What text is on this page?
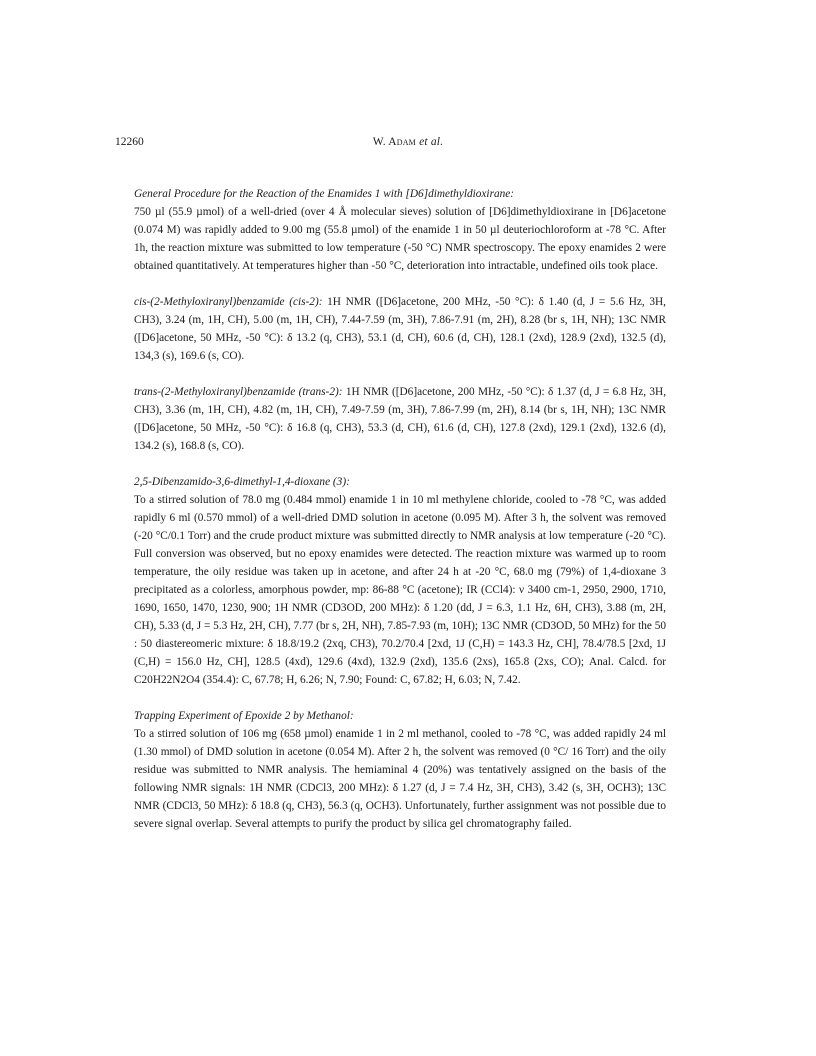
12260	W. Adam et al.

General Procedure for the Reaction of the Enamides 1 with [D6]dimethyldioxirane:

750 µl (55.9 µmol) of a well-dried (over 4 Å molecular sieves) solution of [D6]dimethyldioxirane in [D6]acetone (0.074 M) was rapidly added to 9.00 mg (55.8 µmol) of the enamide 1 in 50 µl deuteriochloroform at -78 °C. After 1h, the reaction mixture was submitted to low temperature (-50 °C) NMR spectroscopy. The epoxy enamides 2 were obtained quantitatively. At temperatures higher than -50 °C, deterioration into intractable, undefined oils took place.

cis-(2-Methyloxiranyl)benzamide (cis-2): 1H NMR ([D6]acetone, 200 MHz, -50 °C): δ 1.40 (d, J = 5.6 Hz, 3H, CH3), 3.24 (m, 1H, CH), 5.00 (m, 1H, CH), 7.44-7.59 (m, 3H), 7.86-7.91 (m, 2H), 8.28 (br s, 1H, NH); 13C NMR ([D6]acetone, 50 MHz, -50 °C): δ 13.2 (q, CH3), 53.1 (d, CH), 60.6 (d, CH), 128.1 (2xd), 128.9 (2xd), 132.5 (d), 134,3 (s), 169.6 (s, CO).

trans-(2-Methyloxiranyl)benzamide (trans-2): 1H NMR ([D6]acetone, 200 MHz, -50 °C): δ 1.37 (d, J = 6.8 Hz, 3H, CH3), 3.36 (m, 1H, CH), 4.82 (m, 1H, CH), 7.49-7.59 (m, 3H), 7.86-7.99 (m, 2H), 8.14 (br s, 1H, NH); 13C NMR ([D6]acetone, 50 MHz, -50 °C): δ 16.8 (q, CH3), 53.3 (d, CH), 61.6 (d, CH), 127.8 (2xd), 129.1 (2xd), 132.6 (d), 134.2 (s), 168.8 (s, CO).

2,5-Dibenzamido-3,6-dimethyl-1,4-dioxane (3):

To a stirred solution of 78.0 mg (0.484 mmol) enamide 1 in 10 ml methylene chloride, cooled to -78 °C, was added rapidly 6 ml (0.570 mmol) of a well-dried DMD solution in acetone (0.095 M). After 3 h, the solvent was removed (-20 °C/0.1 Torr) and the crude product mixture was submitted directly to NMR analysis at low temperature (-20 °C). Full conversion was observed, but no epoxy enamides were detected. The reaction mixture was warmed up to room temperature, the oily residue was taken up in acetone, and after 24 h at -20 °C, 68.0 mg (79%) of 1,4-dioxane 3 precipitated as a colorless, amorphous powder, mp: 86-88 °C (acetone); IR (CCl4): ν 3400 cm-1, 2950, 2900, 1710, 1690, 1650, 1470, 1230, 900; 1H NMR (CD3OD, 200 MHz): δ 1.20 (dd, J = 6.3, 1.1 Hz, 6H, CH3), 3.88 (m, 2H, CH), 5.33 (d, J = 5.3 Hz, 2H, CH), 7.77 (br s, 2H, NH), 7.85-7.93 (m, 10H); 13C NMR (CD3OD, 50 MHz) for the 50 : 50 diastereomeric mixture: δ 18.8/19.2 (2xq, CH3), 70.2/70.4 [2xd, 1J (C,H) = 143.3 Hz, CH], 78.4/78.5 [2xd, 1J (C,H) = 156.0 Hz, CH], 128.5 (4xd), 129.6 (4xd), 132.9 (2xd), 135.6 (2xs), 165.8 (2xs, CO); Anal. Calcd. for C20H22N2O4 (354.4): C, 67.78; H, 6.26; N, 7.90; Found: C, 67.82; H, 6.03; N, 7.42.

Trapping Experiment of Epoxide 2 by Methanol:

To a stirred solution of 106 mg (658 µmol) enamide 1 in 2 ml methanol, cooled to -78 °C, was added rapidly 24 ml (1.30 mmol) of DMD solution in acetone (0.054 M). After 2 h, the solvent was removed (0 °C/ 16 Torr) and the oily residue was submitted to NMR analysis. The hemiaminal 4 (20%) was tentatively assigned on the basis of the following NMR signals: 1H NMR (CDCl3, 200 MHz): δ 1.27 (d, J = 7.4 Hz, 3H, CH3), 3.42 (s, 3H, OCH3); 13C NMR (CDCl3, 50 MHz): δ 18.8 (q, CH3), 56.3 (q, OCH3). Unfortunately, further assignment was not possible due to severe signal overlap. Several attempts to purify the product by silica gel chromatography failed.
